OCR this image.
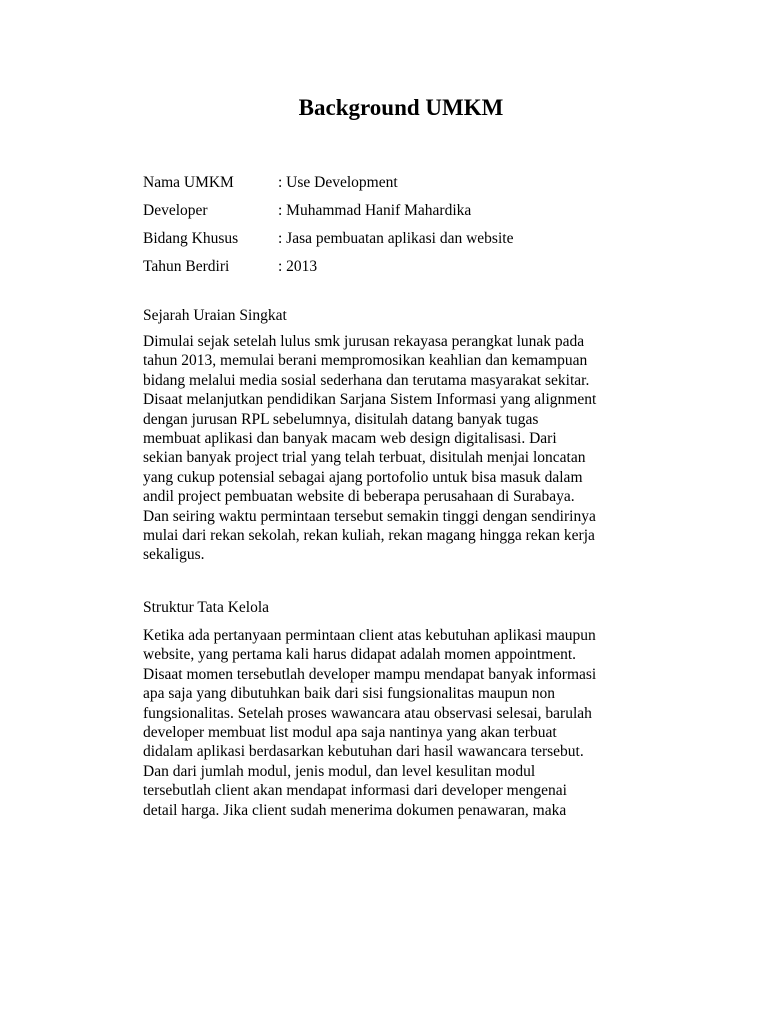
Background UMKM
Nama UMKM	: Use Development
Developer	: Muhammad Hanif Mahardika
Bidang Khusus	: Jasa pembuatan aplikasi dan website
Tahun Berdiri	: 2013
Sejarah Uraian Singkat
Dimulai sejak setelah lulus smk jurusan rekayasa perangkat lunak pada
tahun 2013, memulai berani mempromosikan keahlian dan kemampuan
bidang melalui media sosial sederhana dan terutama masyarakat sekitar.
Disaat melanjutkan pendidikan Sarjana Sistem Informasi yang alignment
dengan jurusan RPL sebelumnya, disitulah datang banyak tugas
membuat aplikasi dan banyak macam web design digitalisasi. Dari
sekian banyak project trial yang telah terbuat, disitulah menjai loncatan
yang cukup potensial sebagai ajang portofolio untuk bisa masuk dalam
andil project pembuatan website di beberapa perusahaan di Surabaya.
Dan seiring waktu permintaan tersebut semakin tinggi dengan sendirinya
mulai dari rekan sekolah, rekan kuliah, rekan magang hingga rekan kerja
sekaligus.
Struktur Tata Kelola
Ketika ada pertanyaan permintaan client atas kebutuhan aplikasi maupun
website, yang pertama kali harus didapat adalah momen appointment.
Disaat momen tersebutlah developer mampu mendapat banyak informasi
apa saja yang dibutuhkan baik dari sisi fungsionalitas maupun non
fungsionalitas. Setelah proses wawancara atau observasi selesai, barulah
developer membuat list modul apa saja nantinya yang akan terbuat
didalam aplikasi berdasarkan kebutuhan dari hasil wawancara tersebut.
Dan dari jumlah modul, jenis modul, dan level kesulitan modul
tersebutlah client akan mendapat informasi dari developer mengenai
detail harga. Jika client sudah menerima dokumen penawaran, maka
